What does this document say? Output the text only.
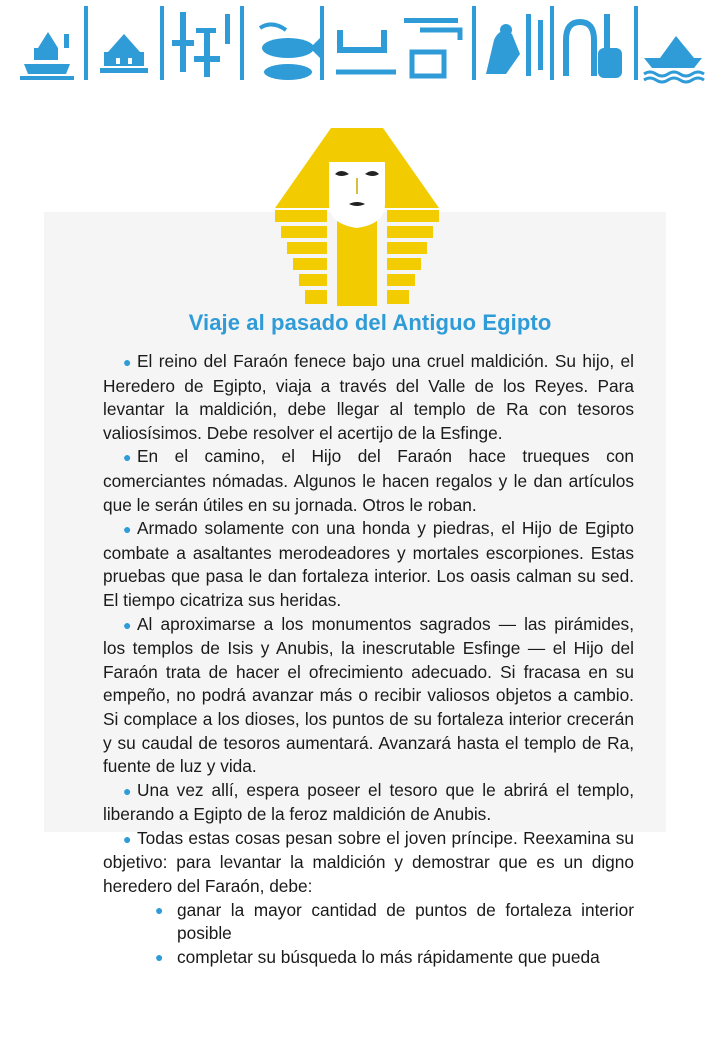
Viaje al pasado del Antiguo Egipto

● El reino del Faraón fenece bajo una cruel maldición. Su hijo, el Heredero de Egipto, viaja a través del Valle de los Reyes. Para levantar la maldición, debe llegar al templo de Ra con tesoros valiosísimos. Debe resolver el acertijo de la Esfinge.

● En el camino, el Hijo del Faraón hace trueques con comerciantes nómadas. Algunos le hacen regalos y le dan artículos que le serán útiles en su jornada. Otros le roban.

● Armado solamente con una honda y piedras, el Hijo de Egipto combate a asaltantes merodeadores y mortales escorpiones. Estas pruebas que pasa le dan fortaleza interior. Los oasis calman su sed. El tiempo cicatriza sus heridas.

● Al aproximarse a los monumentos sagrados — las pirámides, los templos de Isis y Anubis, la inescrutable Esfinge — el Hijo del Faraón trata de hacer el ofrecimiento adecuado. Si fracasa en su empeño, no podrá avanzar más o recibir valiosos objetos a cambio. Si complace a los dioses, los puntos de su fortaleza interior crecerán y su caudal de tesoros aumentará. Avanzará hasta el templo de Ra, fuente de luz y vida.

● Una vez allí, espera poseer el tesoro que le abrirá el templo, liberando a Egipto de la feroz maldición de Anubis.

● Todas estas cosas pesan sobre el joven príncipe. Reexamina su objetivo: para levantar la maldición y demostrar que es un digno heredero del Faraón, debe:

● ganar la mayor cantidad de puntos de fortaleza interior posible
● completar su búsqueda lo más rápidamente que pueda
